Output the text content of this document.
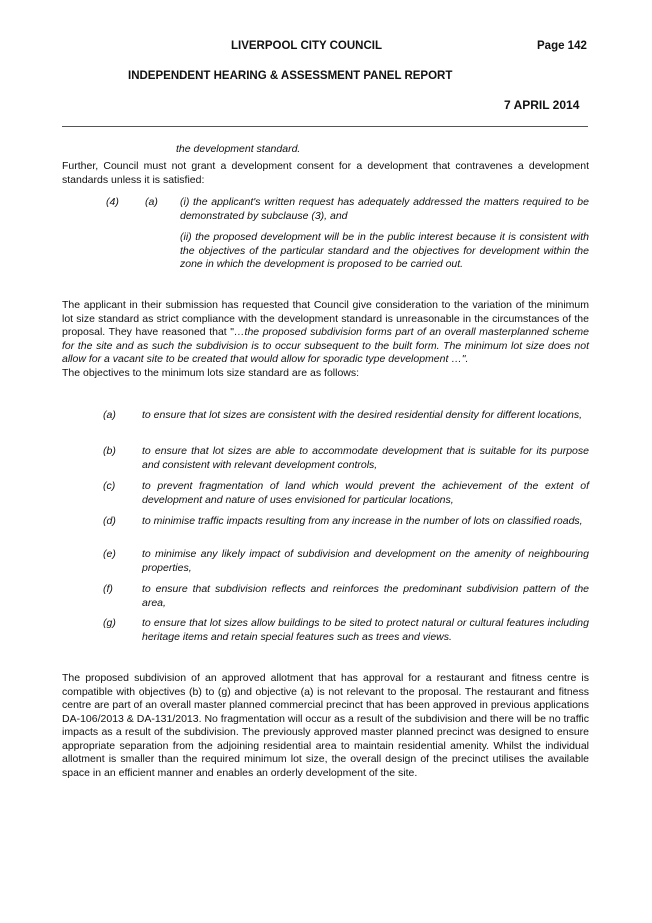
LIVERPOOL CITY COUNCIL	Page 142
INDEPENDENT HEARING & ASSESSMENT PANEL REPORT
7 APRIL 2014
the development standard.
Further, Council must not grant a development consent for a development that contravenes a development standards unless it is satisfied:
(4) (a) (i) the applicant's written request has adequately addressed the matters required to be demonstrated by subclause (3), and
(ii) the proposed development will be in the public interest because it is consistent with the objectives of the particular standard and the objectives for development within the zone in which the development is proposed to be carried out.
The applicant in their submission has requested that Council give consideration to the variation of the minimum lot size standard as strict compliance with the development standard is unreasonable in the circumstances of the proposal. They have reasoned that "…the proposed subdivision forms part of an overall masterplanned scheme for the site and as such the subdivision is to occur subsequent to the built form. The minimum lot size does not allow for a vacant site to be created that would allow for sporadic type development …".
The objectives to the minimum lots size standard are as follows:
(a) to ensure that lot sizes are consistent with the desired residential density for different locations,
(b) to ensure that lot sizes are able to accommodate development that is suitable for its purpose and consistent with relevant development controls,
(c)	to prevent fragmentation of land which would prevent the achievement of the extent of development and nature of uses envisioned for particular locations,
(d) to minimise traffic impacts resulting from any increase in the number of lots on classified roads,
(e) to minimise any likely impact of subdivision and development on the amenity of neighbouring properties,
(f)	to ensure that subdivision reflects and reinforces the predominant subdivision pattern of the area,
(g) to ensure that lot sizes allow buildings to be sited to protect natural or cultural features including heritage items and retain special features such as trees and views.
The proposed subdivision of an approved allotment that has approval for a restaurant and fitness centre is compatible with objectives (b) to (g) and objective (a) is not relevant to the proposal. The restaurant and fitness centre are part of an overall master planned commercial precinct that has been approved in previous applications DA-106/2013 & DA-131/2013. No fragmentation will occur as a result of the subdivision and there will be no traffic impacts as a result of the subdivision. The previously approved master planned precinct was designed to ensure appropriate separation from the adjoining residential area to maintain residential amenity. Whilst the individual allotment is smaller than the required minimum lot size, the overall design of the precinct utilises the available space in an efficient manner and enables an orderly development of the site.
